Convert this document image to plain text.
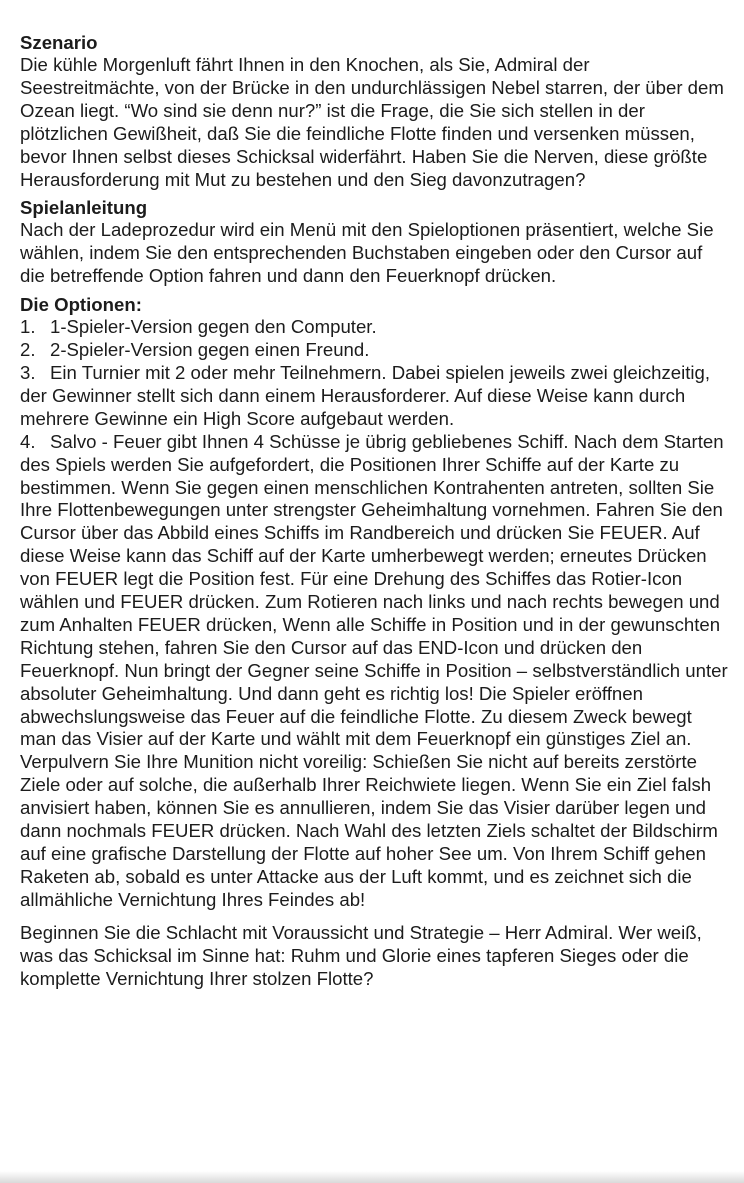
Szenario

Die kühle Morgenluft fährt Ihnen in den Knochen, als Sie, Admiral der Seestreitmächte, von der Brücke in den undurchlässigen Nebel starren, der über dem Ozean liegt. “Wo sind sie denn nur?” ist die Frage, die Sie sich stellen in der plötzlichen Gewißheit, daß Sie die feindliche Flotte finden und versenken müssen, bevor Ihnen selbst dieses Schicksal widerfährt. Haben Sie die Nerven, diese größte Herausforderung mit Mut zu bestehen und den Sieg davonzutragen?

Spielanleitung

Nach der Ladeprozedur wird ein Menü mit den Spieloptionen präsentiert, welche Sie wählen, indem Sie den entsprechenden Buchstaben eingeben oder den Cursor auf die betreffende Option fahren und dann den Feuerknopf drücken.

Die Optionen:

1. 1-Spieler-Version gegen den Computer.

2. 2-Spieler-Version gegen einen Freund.

3. Ein Turnier mit 2 oder mehr Teilnehmern. Dabei spielen jeweils zwei gleichzeitig, der Gewinner stellt sich dann einem Herausforderer. Auf diese Weise kann durch mehrere Gewinne ein High Score aufgebaut werden.

4. Salvo - Feuer gibt Ihnen 4 Schüsse je übrig gebliebenes Schiff. Nach dem Starten des Spiels werden Sie aufgefordert, die Positionen Ihrer Schiffe auf der Karte zu bestimmen. Wenn Sie gegen einen menschlichen Kontrahenten antreten, sollten Sie Ihre Flottenbewegungen unter strengster Geheimhaltung vornehmen. Fahren Sie den Cursor über das Abbild eines Schiffs im Randbereich und drücken Sie FEUER. Auf diese Weise kann das Schiff auf der Karte umherbewegt werden; erneutes Drücken von FEUER legt die Position fest. Für eine Drehung des Schiffes das Rotier-Icon wählen und FEUER drücken. Zum Rotieren nach links und nach rechts bewegen und zum Anhalten FEUER drücken, Wenn alle Schiffe in Position und in der gewunschten Richtung stehen, fahren Sie den Cursor auf das END-Icon und drücken den Feuerknopf. Nun bringt der Gegner seine Schiffe in Position – selbstverständlich unter absoluter Geheimhaltung. Und dann geht es richtig los! Die Spieler eröffnen abwechslungsweise das Feuer auf die feindliche Flotte. Zu diesem Zweck bewegt man das Visier auf der Karte und wählt mit dem Feuerknopf ein günstiges Ziel an. Verpulvern Sie Ihre Munition nicht voreilig: Schießen Sie nicht auf bereits zerstörte Ziele oder auf solche, die außerhalb Ihrer Reichwiete liegen. Wenn Sie ein Ziel falsh anvisiert haben, können Sie es annullieren, indem Sie das Visier darüber legen und dann nochmals FEUER drücken. Nach Wahl des letzten Ziels schaltet der Bildschirm auf eine grafische Darstellung der Flotte auf hoher See um. Von Ihrem Schiff gehen Raketen ab, sobald es unter Attacke aus der Luft kommt, und es zeichnet sich die allmähliche Vernichtung Ihres Feindes ab!

Beginnen Sie die Schlacht mit Voraussicht und Strategie – Herr Admiral. Wer weiß, was das Schicksal im Sinne hat: Ruhm und Glorie eines tapferen Sieges oder die komplette Vernichtung Ihrer stolzen Flotte?
